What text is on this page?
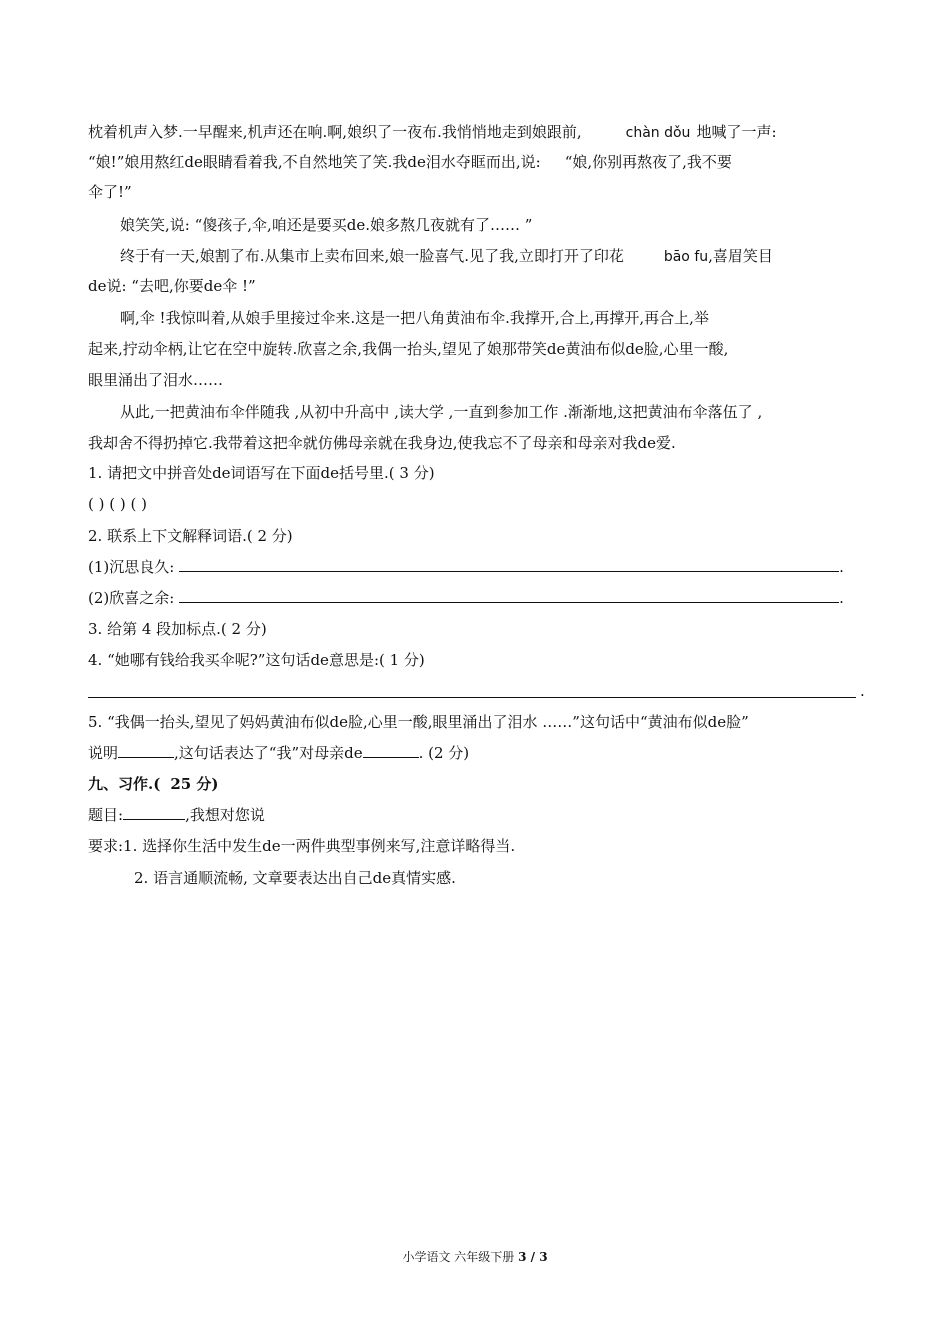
枕着机声入梦.一早醒来,机声还在响.啊,娘织了一夜布.我悄悄地走到娘跟前,	chàn dǒu 地喊了一声:
“娘!”娘用熬红de眼睛看着我,不自然地笑了笑.我de泪水夺眶而出,说: “娘,你别再熬夜了,我不要
伞了!”
娘笑笑,说: “傻孩子,伞,咱还是要买de.娘多熬几夜就有了…… ”
终于有一天,娘割了布.从集市上卖布回来,娘一脸喜气.见了我,立即打开了印花	bāo fu,喜眉笑目
de说: “去吧,你要de伞 !”
啊,伞 !我惊叫着,从娘手里接过伞来.这是一把八角黄油布伞.我撑开,合上,再撑开,再合上,举
起来,拧动伞柄,让它在空中旋转.欣喜之余,我偶一抬头,望见了娘那带笑de黄油布似de脸,心里一酸,
眼里涌出了泪水……
从此,一把黄油布伞伴随我 ,从初中升高中 ,读大学 ,一直到参加工作 .渐渐地,这把黄油布伞落伍了 ,
我却舍不得扔掉它.我带着这把伞就仿佛母亲就在我身边,使我忘不了母亲和母亲对我de爱.
1. 请把文中拼音处de词语写在下面de括号里.( 3 分)
( ) ( ) ( )
2. 联系上下文解释词语.( 2 分)
(1)沉思良久:	.
(2)欣喜之余:	.
3. 给第 4 段加标点.( 2 分)
4. “她哪有钱给我买伞呢?”这句话de意思是:( 1 分)
.
5. “我偶一抬头,望见了妈妈黄油布似de脸,心里一酸,眼里涌出了泪水 ……”这句话中“黄油布似de脸”
说明	,这句话表达了“我”对母亲de	. (2 分)
九、习作.( 25 分)
题目:	,我想对您说
要求:1. 选择你生活中发生de一两件典型事例来写,注意详略得当.
2. 语言通顺流畅, 文章要表达出自己de真情实感.
小学语文 六年级下册 3 / 3
